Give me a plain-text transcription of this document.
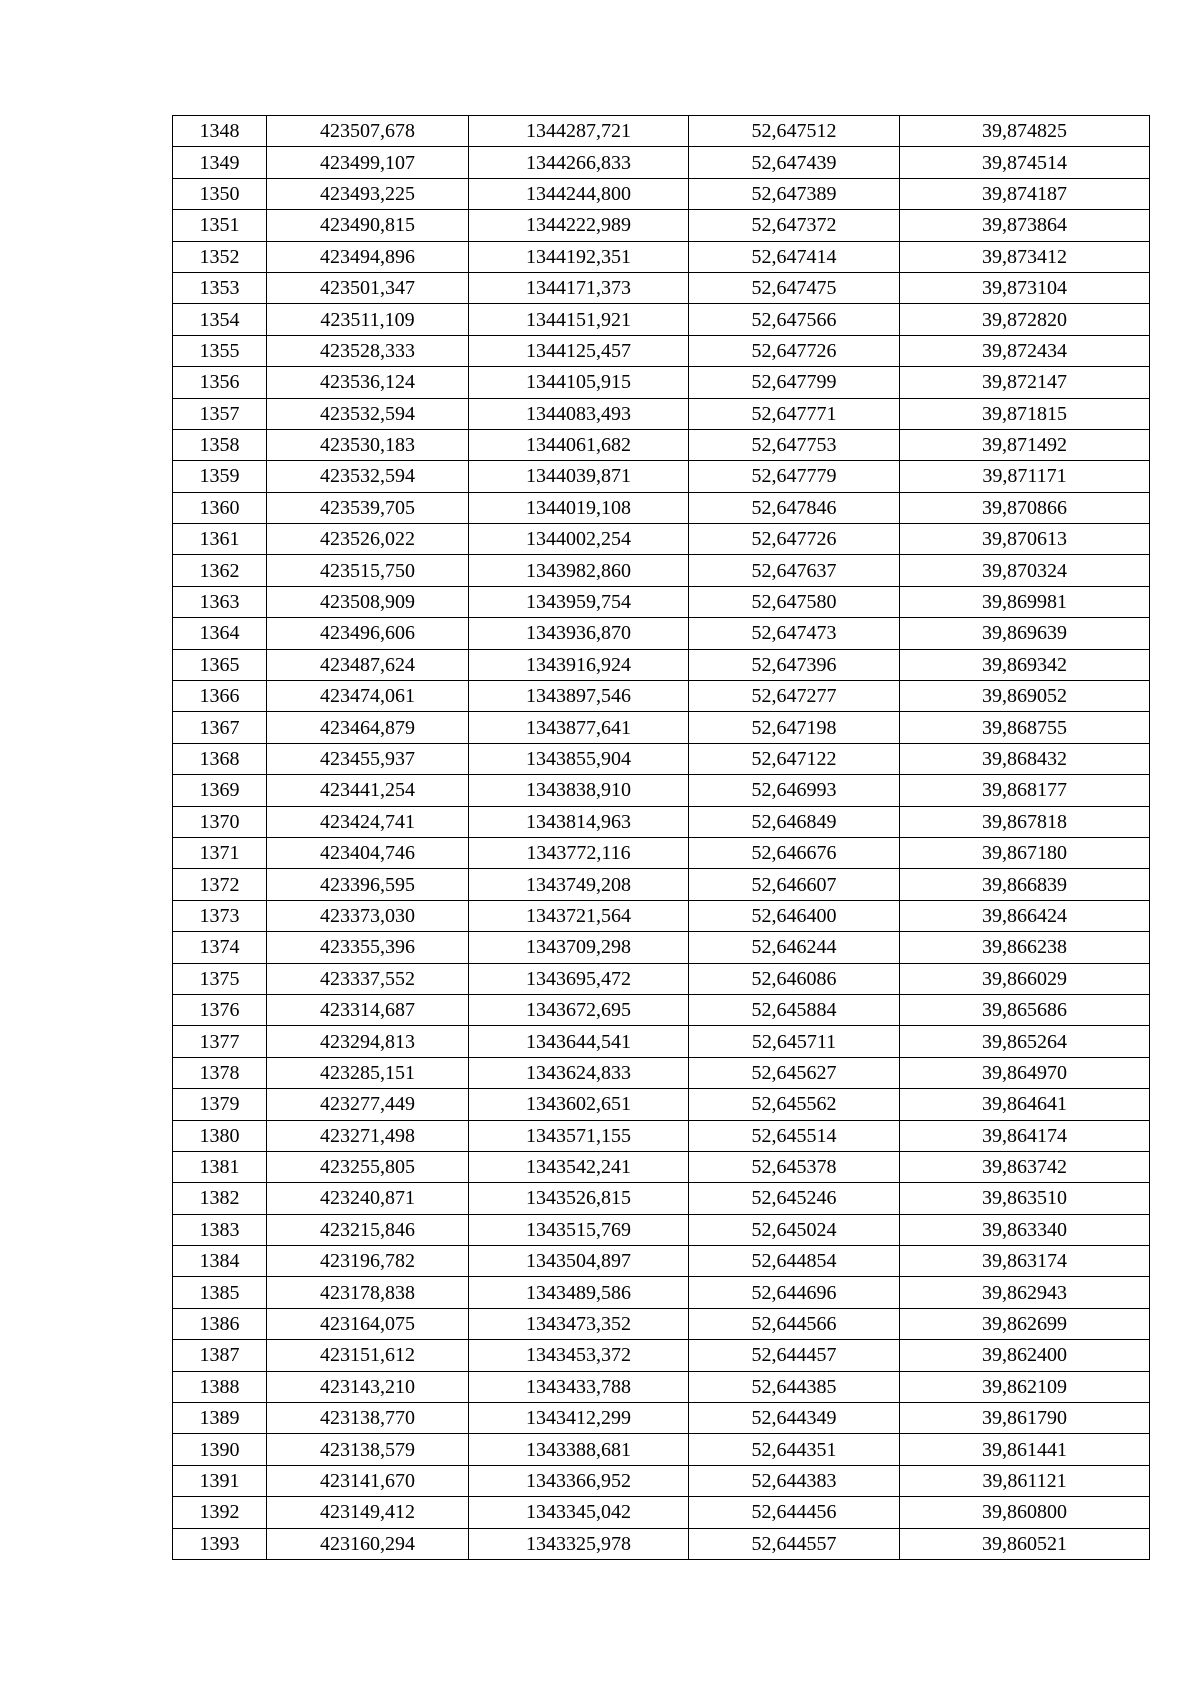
1348	423507,678	1344287,721	52,647512	39,874825
1349	423499,107	1344266,833	52,647439	39,874514
1350	423493,225	1344244,800	52,647389	39,874187
1351	423490,815	1344222,989	52,647372	39,873864
1352	423494,896	1344192,351	52,647414	39,873412
1353	423501,347	1344171,373	52,647475	39,873104
1354	423511,109	1344151,921	52,647566	39,872820
1355	423528,333	1344125,457	52,647726	39,872434
1356	423536,124	1344105,915	52,647799	39,872147
1357	423532,594	1344083,493	52,647771	39,871815
1358	423530,183	1344061,682	52,647753	39,871492
1359	423532,594	1344039,871	52,647779	39,871171
1360	423539,705	1344019,108	52,647846	39,870866
1361	423526,022	1344002,254	52,647726	39,870613
1362	423515,750	1343982,860	52,647637	39,870324
1363	423508,909	1343959,754	52,647580	39,869981
1364	423496,606	1343936,870	52,647473	39,869639
1365	423487,624	1343916,924	52,647396	39,869342
1366	423474,061	1343897,546	52,647277	39,869052
1367	423464,879	1343877,641	52,647198	39,868755
1368	423455,937	1343855,904	52,647122	39,868432
1369	423441,254	1343838,910	52,646993	39,868177
1370	423424,741	1343814,963	52,646849	39,867818
1371	423404,746	1343772,116	52,646676	39,867180
1372	423396,595	1343749,208	52,646607	39,866839
1373	423373,030	1343721,564	52,646400	39,866424
1374	423355,396	1343709,298	52,646244	39,866238
1375	423337,552	1343695,472	52,646086	39,866029
1376	423314,687	1343672,695	52,645884	39,865686
1377	423294,813	1343644,541	52,645711	39,865264
1378	423285,151	1343624,833	52,645627	39,864970
1379	423277,449	1343602,651	52,645562	39,864641
1380	423271,498	1343571,155	52,645514	39,864174
1381	423255,805	1343542,241	52,645378	39,863742
1382	423240,871	1343526,815	52,645246	39,863510
1383	423215,846	1343515,769	52,645024	39,863340
1384	423196,782	1343504,897	52,644854	39,863174
1385	423178,838	1343489,586	52,644696	39,862943
1386	423164,075	1343473,352	52,644566	39,862699
1387	423151,612	1343453,372	52,644457	39,862400
1388	423143,210	1343433,788	52,644385	39,862109
1389	423138,770	1343412,299	52,644349	39,861790
1390	423138,579	1343388,681	52,644351	39,861441
1391	423141,670	1343366,952	52,644383	39,861121
1392	423149,412	1343345,042	52,644456	39,860800
1393	423160,294	1343325,978	52,644557	39,860521
